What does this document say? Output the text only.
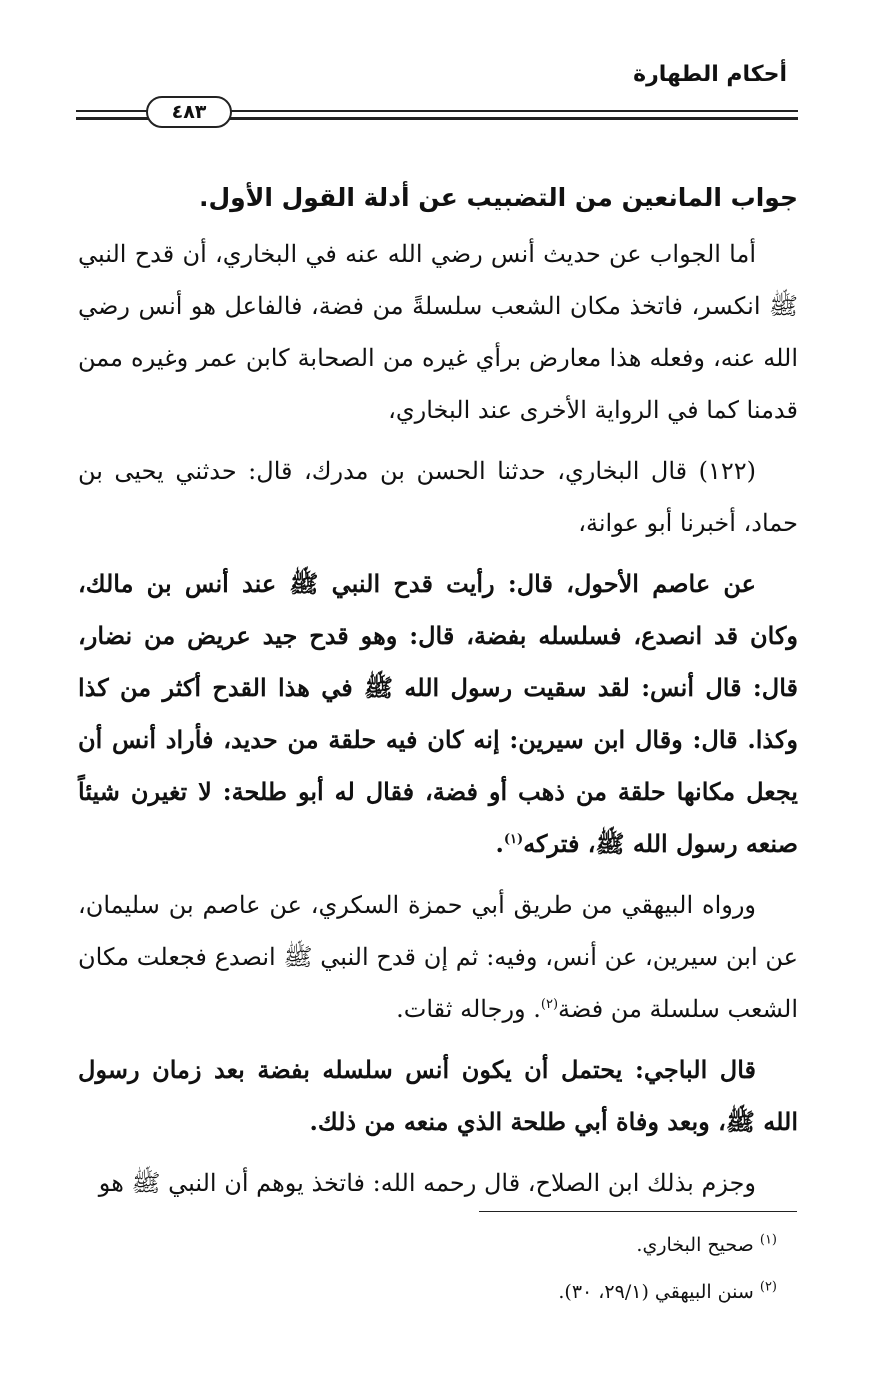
أحكام الطهارة
٤٨٣

جواب المانعين من التضبيب عن أدلة القول الأول.

أما الجواب عن حديث أنس رضي الله عنه في البخاري، أن قدح النبي ﷺ انكسر، فاتخذ مكان الشعب سلسلةً من فضة، فالفاعل هو أنس رضي الله عنه، وفعله هذا معارض برأي غيره من الصحابة كابن عمر وغيره ممن قدمنا كما في الرواية الأخرى عند البخاري،

(١٢٢) قال البخاري، حدثنا الحسن بن مدرك، قال: حدثني يحيى بن حماد، أخبرنا أبو عوانة،

عن عاصم الأحول، قال: رأيت قدح النبي ﷺ عند أنس بن مالك، وكان قد انصدع، فسلسله بفضة، قال: وهو قدح جيد عريض من نضار، قال: قال أنس: لقد سقيت رسول الله ﷺ في هذا القدح أكثر من كذا وكذا. قال: وقال ابن سيرين: إنه كان فيه حلقة من حديد، فأراد أنس أن يجعل مكانها حلقة من ذهب أو فضة، فقال له أبو طلحة: لا تغيرن شيئاً صنعه رسول الله ﷺ، فتركه$^{(١)}$.

ورواه البيهقي من طريق أبي حمزة السكري، عن عاصم بن سليمان، عن ابن سيرين، عن أنس، وفيه: ثم إن قدح النبي ﷺ انصدع فجعلت مكان الشعب سلسلة من فضة$^{(٢)}$. ورجاله ثقات.

قال الباجي: يحتمل أن يكون أنس سلسله بفضة بعد زمان رسول الله ﷺ، وبعد وفاة أبي طلحة الذي منعه من ذلك.

وجزم بذلك ابن الصلاح، قال رحمه الله: فاتخذ يوهم أن النبي ﷺ هو

$^{(١)}$ صحيح البخاري.
$^{(٢)}$ سنن البيهقي (٢٩/١، ٣٠).
